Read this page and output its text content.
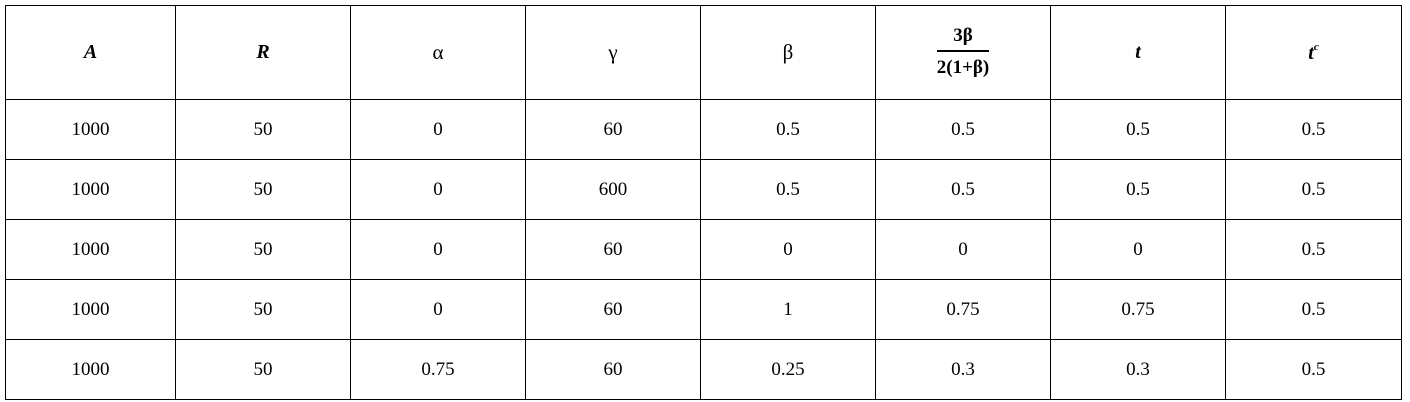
A	R	α	γ	β	$\frac{3\beta}{2(1+\beta)}$	t	$t^c$
1000	50	0	60	0.5	0.5	0.5	0.5
1000	50	0	600	0.5	0.5	0.5	0.5
1000	50	0	60	0	0	0	0.5
1000	50	0	60	1	0.75	0.75	0.5
1000	50	0.75	60	0.25	0.3	0.3	0.5
